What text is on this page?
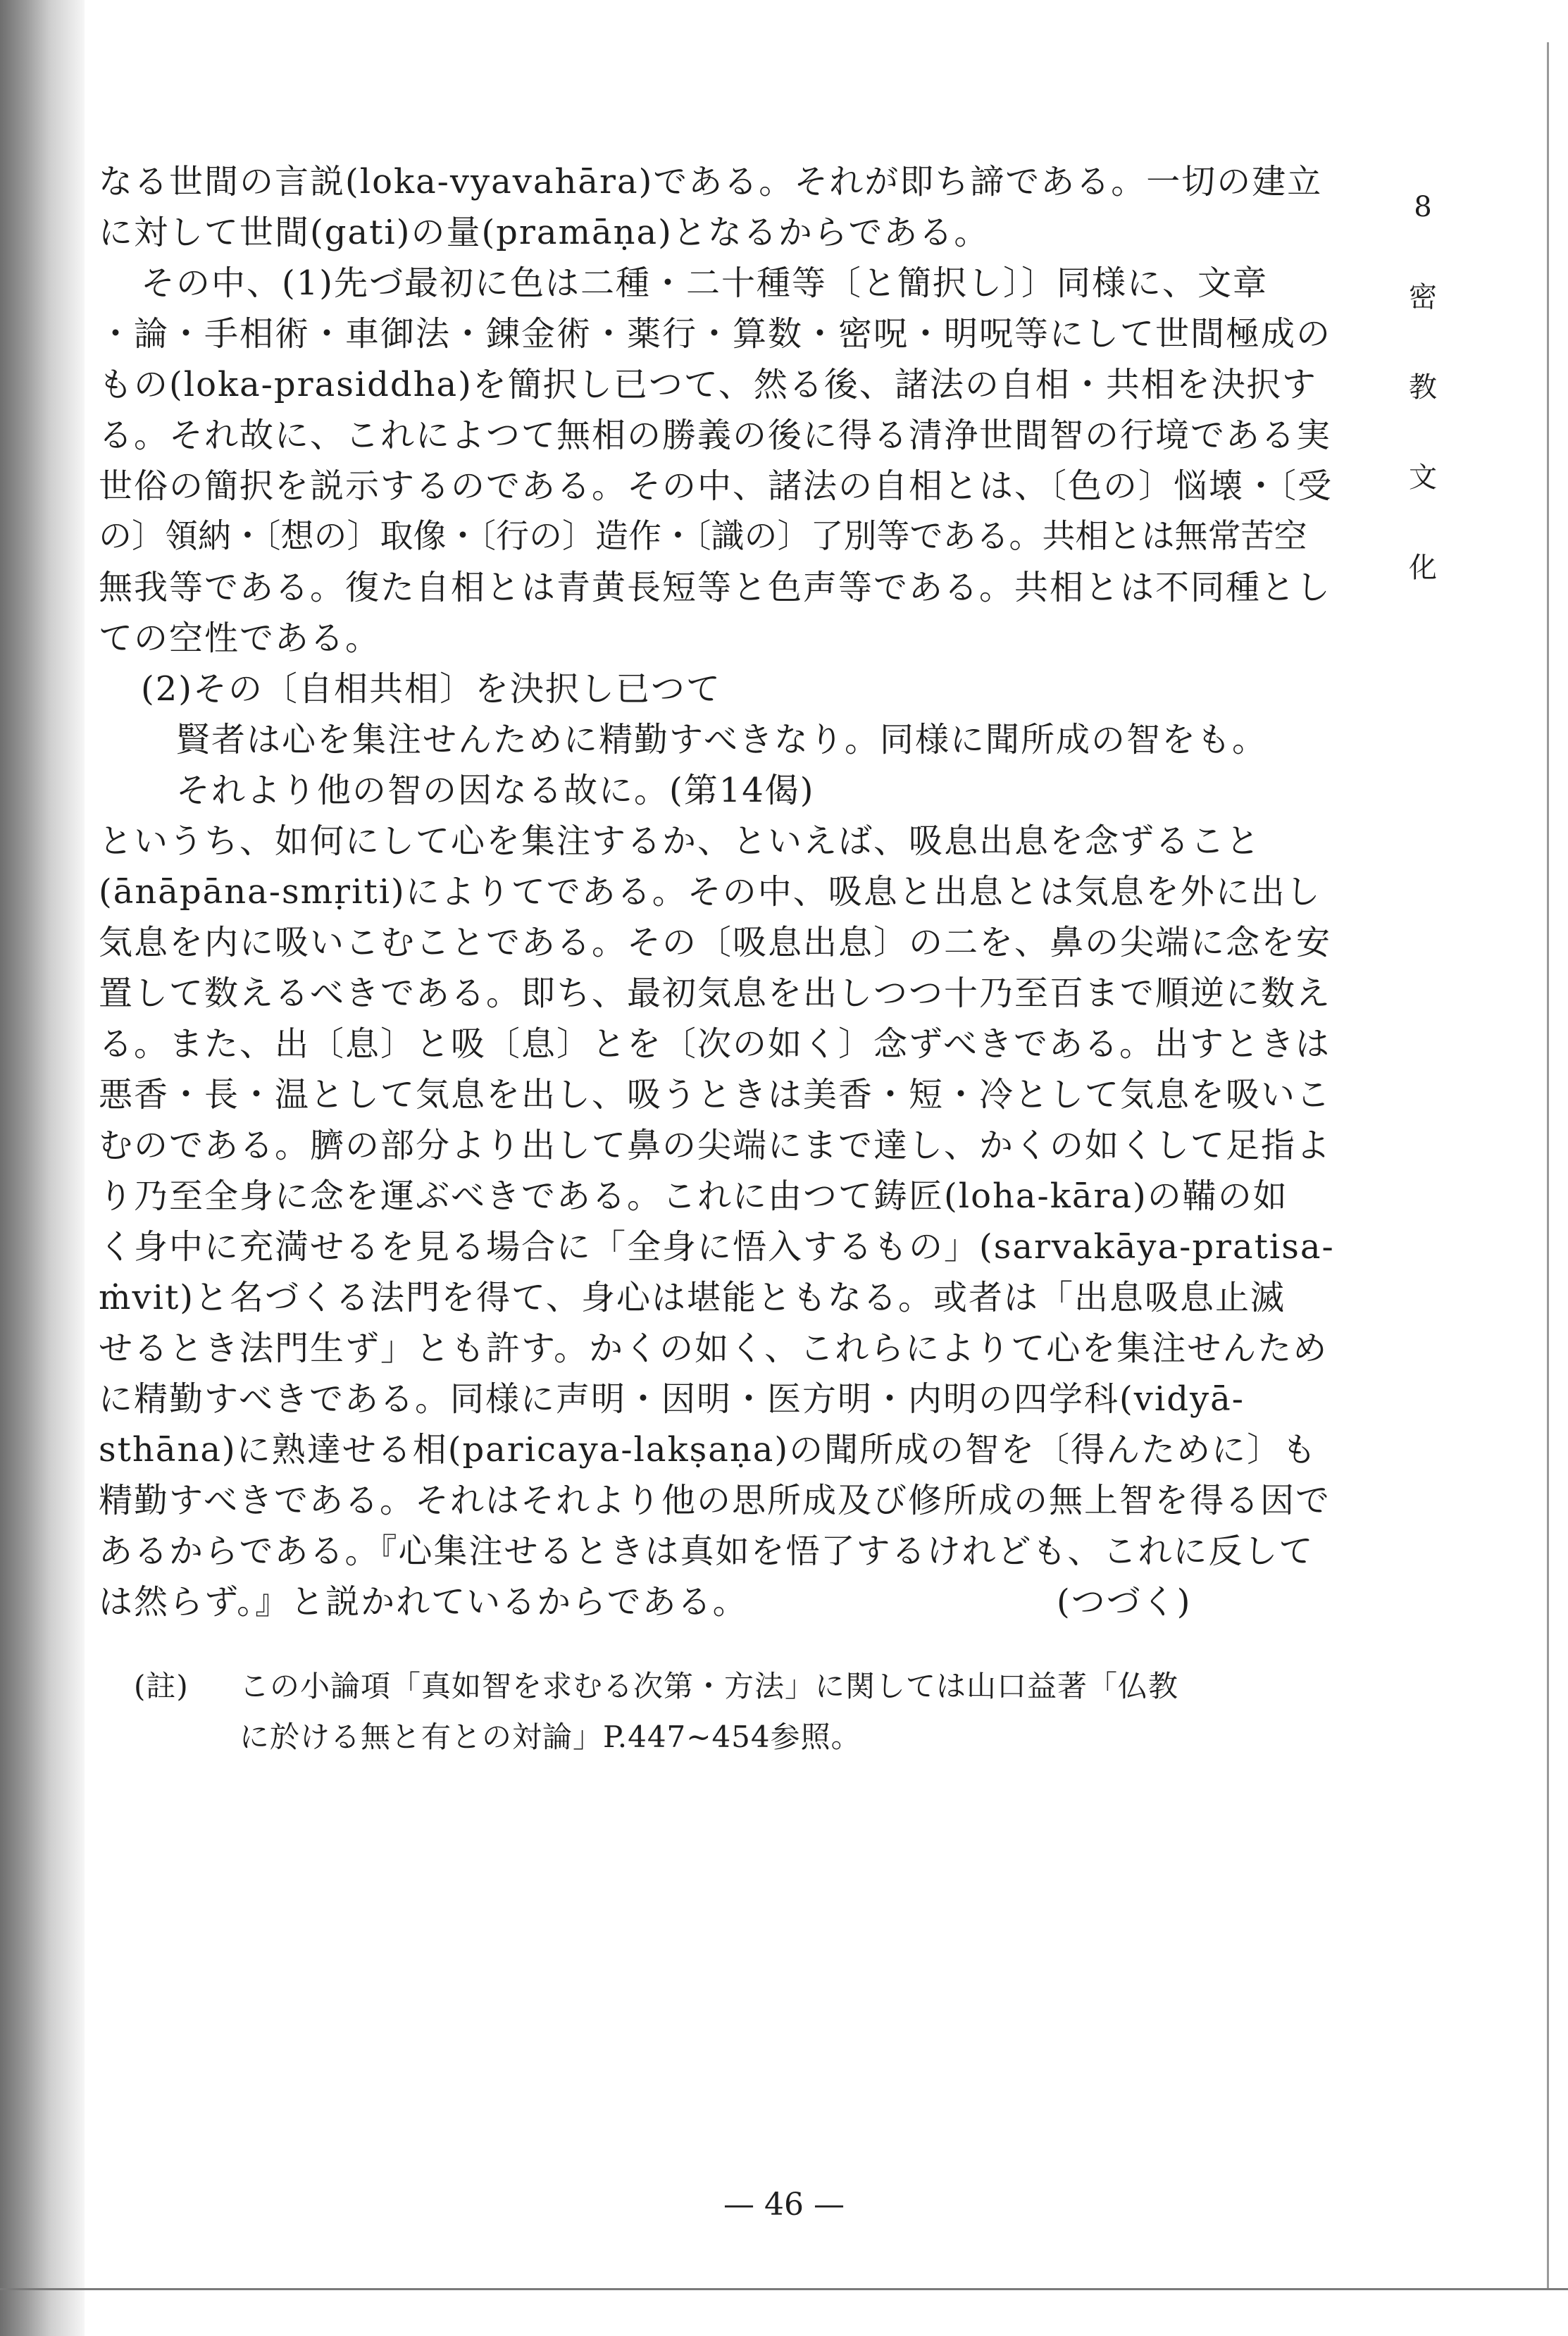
8
密
教
文
化
なる世間の言説(loka-vyavahāra)である。それが即ち諦である。一切の建立
に対して世間(gati)の量(pramāṇa)となるからである。
その中、(1)先づ最初に色は二種・二十種等〔と簡択し〕〕同様に、文章
・論・手相術・車御法・錬金術・薬行・算数・密呪・明呪等にして世間極成の
もの(loka-prasiddha)を簡択し已つて、然る後、諸法の自相・共相を決択す
る。それ故に、これによつて無相の勝義の後に得る清浄世間智の行境である実
世俗の簡択を説示するのである。その中、諸法の自相とは、〔色の〕悩壊・〔受
の〕領納・〔想の〕取像・〔行の〕造作・〔識の〕了別等である。共相とは無常苦空
無我等である。復た自相とは青黄長短等と色声等である。共相とは不同種とし
ての空性である。
(2)その〔自相共相〕を決択し已つて
賢者は心を集注せんために精勤すべきなり。同様に聞所成の智をも。
それより他の智の因なる故に。(第14偈)
というち、如何にして心を集注するか、といえば、吸息出息を念ずること
(ānāpāna-smṛiti)によりてである。その中、吸息と出息とは気息を外に出し
気息を内に吸いこむことである。その〔吸息出息〕の二を、鼻の尖端に念を安
置して数えるべきである。即ち、最初気息を出しつつ十乃至百まで順逆に数え
る。また、出〔息〕と吸〔息〕とを〔次の如く〕念ずべきである。出すときは
悪香・長・温として気息を出し、吸うときは美香・短・冷として気息を吸いこ
むのである。臍の部分より出して鼻の尖端にまで達し、かくの如くして足指よ
り乃至全身に念を運ぶべきである。これに由つて鋳匠(loha-kāra)の鞴の如
く身中に充満せるを見る場合に「全身に悟入するもの」(sarvakāya-pratisa-
ṁvit)と名づくる法門を得て、身心は堪能ともなる。或者は「出息吸息止滅
せるとき法門生ず」とも許す。かくの如く、これらによりて心を集注せんため
に精勤すべきである。同様に声明・因明・医方明・内明の四学科(vidyā-
sthāna)に熟達せる相(paricaya-lakṣaṇa)の聞所成の智を〔得んために〕も
精勤すべきである。それはそれより他の思所成及び修所成の無上智を得る因で
あるからである。『心集注せるときは真如を悟了するけれども、これに反して
は然らず。』と説かれているからである。	(つづく)
(註) この小論項「真如智を求むる次第・方法」に関しては山口益著「仏教
に於ける無と有との対論」P.447~454参照。
— 46 —
